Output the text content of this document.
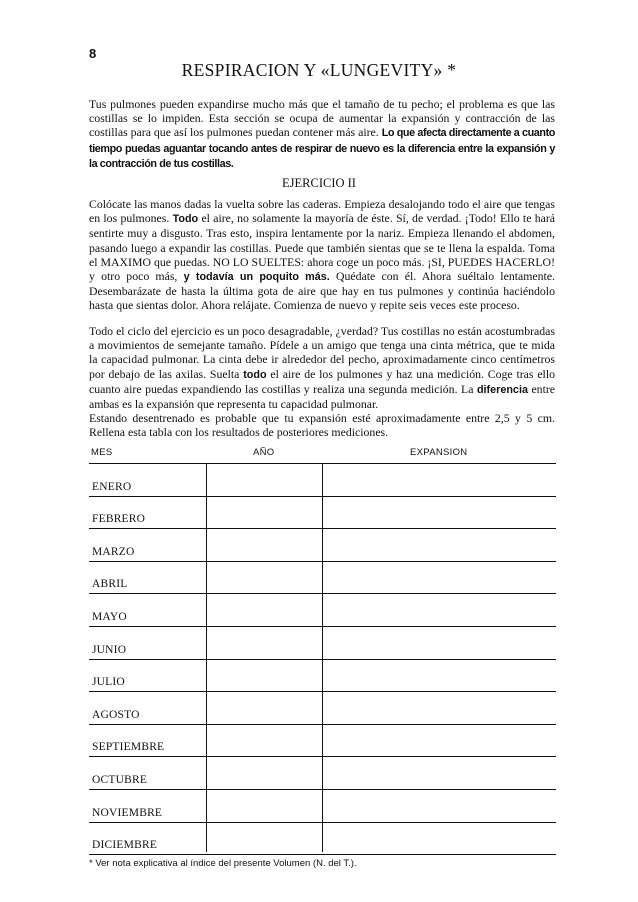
8
RESPIRACION Y «LUNGEVITY» *
Tus pulmones pueden expandirse mucho más que el tamaño de tu pecho; el problema es que las costillas se lo impiden. Esta sección se ocupa de aumentar la expansión y contracción de las costillas para que así los pulmones puedan contener más aire. Lo que afecta directamente a cuanto tiempo puedas aguantar tocando antes de respirar de nuevo es la diferencia entre la expansión y la contracción de tus costillas.
EJERCICIO II
Colócate las manos dadas la vuelta sobre las caderas. Empieza desalojando todo el aire que tengas en los pulmones. Todo el aire, no solamente la mayoría de éste. Sí, de verdad. ¡Todo! Ello te hará sentirte muy a disgusto. Tras esto, inspira lentamente por la nariz. Empieza llenando el abdomen, pasando luego a expandir las costillas. Puede que también sientas que se te llena la espalda. Toma el MAXIMO que puedas. NO LO SUELTES: ahora coge un poco más. ¡SI, PUEDES HACERLO! y otro poco más, y todavía un poquito más. Quédate con él. Ahora suéltalo lentamente. Desembarázate de hasta la última gota de aire que hay en tus pulmones y continúa haciéndolo hasta que sientas dolor. Ahora relájate. Comienza de nuevo y repite seis veces este proceso.
Todo el ciclo del ejercicio es un poco desagradable, ¿verdad? Tus costillas no están acostumbradas a movimientos de semejante tamaño. Pídele a un amigo que tenga una cinta métrica, que te mida la capacidad pulmonar. La cinta debe ir alrededor del pecho, aproximadamente cinco centímetros por debajo de las axilas. Suelta todo el aire de los pulmones y haz una medición. Coge tras ello cuanto aire puedas expandiendo las costillas y realiza una segunda medición. La diferencia entre ambas es la expansión que representa tu capacidad pulmonar.
Estando desentrenado es probable que tu expansión esté aproximadamente entre 2,5 y 5 cm. Rellena esta tabla con los resultados de posteriores mediciones.
MES	AÑO	EXPANSION
ENERO
FEBRERO
MARZO
ABRIL
MAYO
JUNIO
JULIO
AGOSTO
SEPTIEMBRE
OCTUBRE
NOVIEMBRE
DICIEMBRE
* Ver nota explicativa al índice del presente Volumen (N. del T.).
